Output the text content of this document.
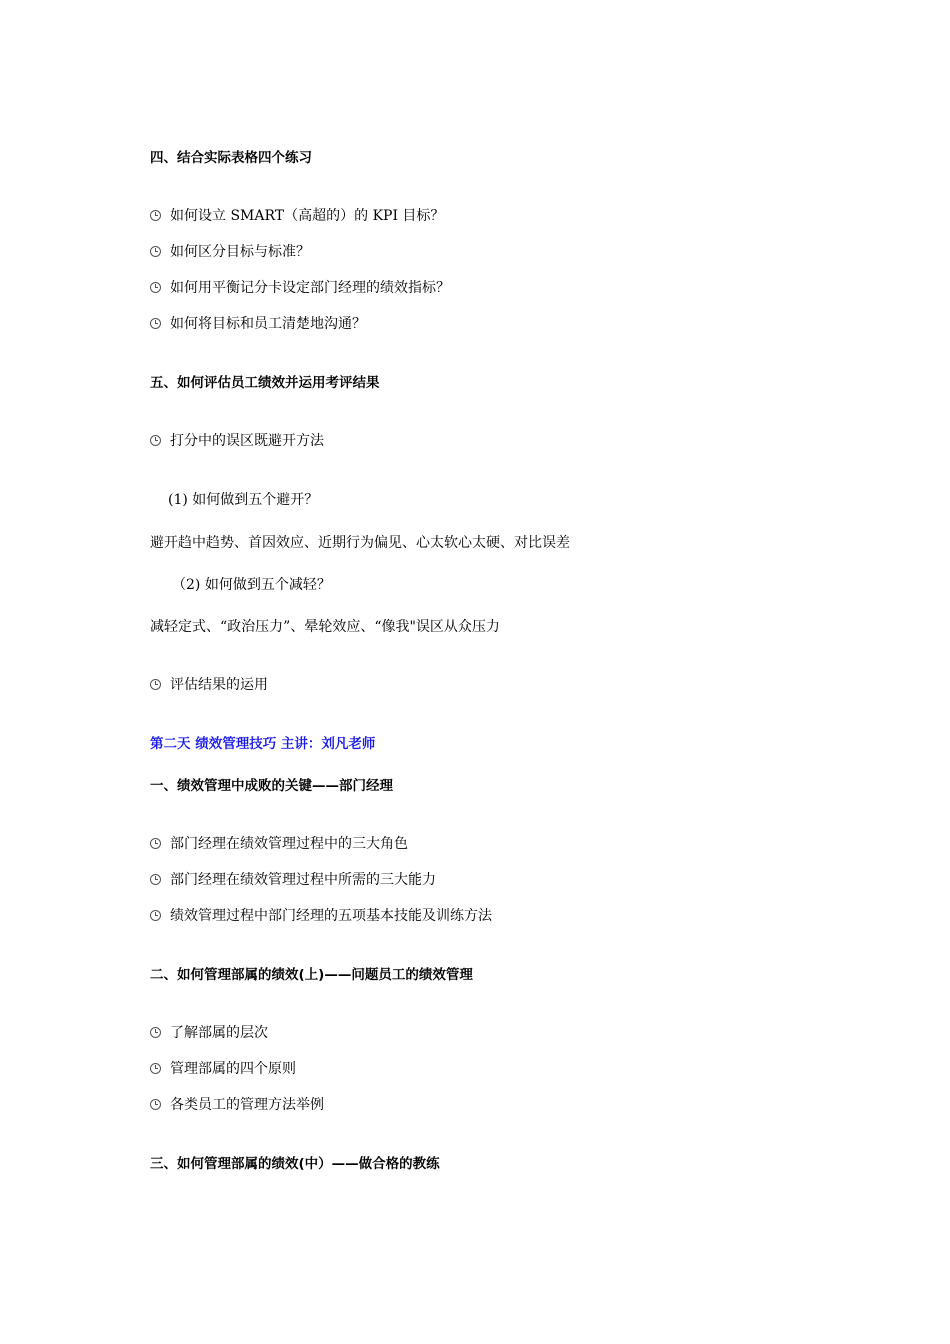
四、结合实际表格四个练习
如何设立 SMART（高超的）的 KPI 目标？
如何区分目标与标准？
如何用平衡记分卡设定部门经理的绩效指标？
如何将目标和员工清楚地沟通？
五、如何评估员工绩效并运用考评结果
打分中的误区既避开方法
(1) 如何做到五个避开？
避开趋中趋势、首因效应、近期行为偏见、心太软心太硬、对比误差
（2) 如何做到五个减轻？
减轻定式、“政治压力”、晕轮效应、“像我"误区从众压力
评估结果的运用
第二天 绩效管理技巧 主讲：刘凡老师
一、绩效管理中成败的关键——部门经理
部门经理在绩效管理过程中的三大角色
部门经理在绩效管理过程中所需的三大能力
绩效管理过程中部门经理的五项基本技能及训练方法
二、如何管理部属的绩效(上)——问题员工的绩效管理
了解部属的层次
管理部属的四个原则
各类员工的管理方法举例
三、如何管理部属的绩效(中）——做合格的教练
